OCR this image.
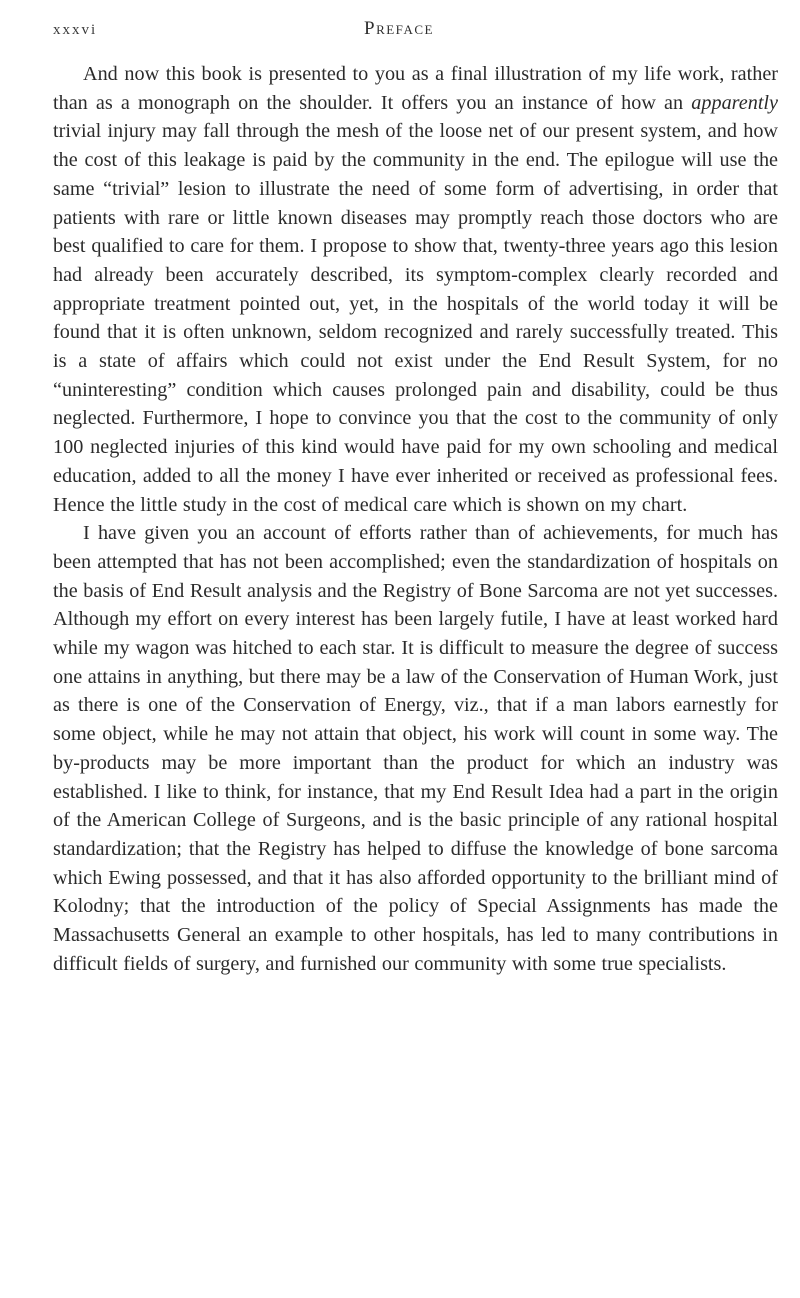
xxxvi	Preface

And now this book is presented to you as a final illustration of my life work, rather than as a monograph on the shoulder. It offers you an instance of how an apparently trivial injury may fall through the mesh of the loose net of our present system, and how the cost of this leakage is paid by the community in the end. The epilogue will use the same “trivial” lesion to illustrate the need of some form of advertising, in order that patients with rare or little known diseases may promptly reach those doctors who are best qualified to care for them. I propose to show that, twenty-three years ago this lesion had already been accurately described, its symptom-complex clearly recorded and appropriate treatment pointed out, yet, in the hospitals of the world today it will be found that it is often unknown, seldom recognized and rarely successfully treated. This is a state of affairs which could not exist under the End Result System, for no “uninteresting” condition which causes prolonged pain and disability, could be thus neglected. Furthermore, I hope to convince you that the cost to the community of only 100 neglected injuries of this kind would have paid for my own schooling and medical education, added to all the money I have ever inherited or received as professional fees. Hence the little study in the cost of medical care which is shown on my chart.

I have given you an account of efforts rather than of achievements, for much has been attempted that has not been accomplished; even the standardization of hospitals on the basis of End Result analysis and the Registry of Bone Sarcoma are not yet successes. Although my effort on every interest has been largely futile, I have at least worked hard while my wagon was hitched to each star. It is difficult to measure the degree of success one attains in anything, but there may be a law of the Conservation of Human Work, just as there is one of the Conservation of Energy, viz., that if a man labors earnestly for some object, while he may not attain that object, his work will count in some way. The by-products may be more important than the product for which an industry was established. I like to think, for instance, that my End Result Idea had a part in the origin of the American College of Surgeons, and is the basic principle of any rational hospital standardization; that the Registry has helped to diffuse the knowledge of bone sarcoma which Ewing possessed, and that it has also afforded opportunity to the brilliant mind of Kolodny; that the introduction of the policy of Special Assignments has made the Massachusetts General an example to other hospitals, has led to many contributions in difficult fields of surgery, and furnished our community with some true specialists.
